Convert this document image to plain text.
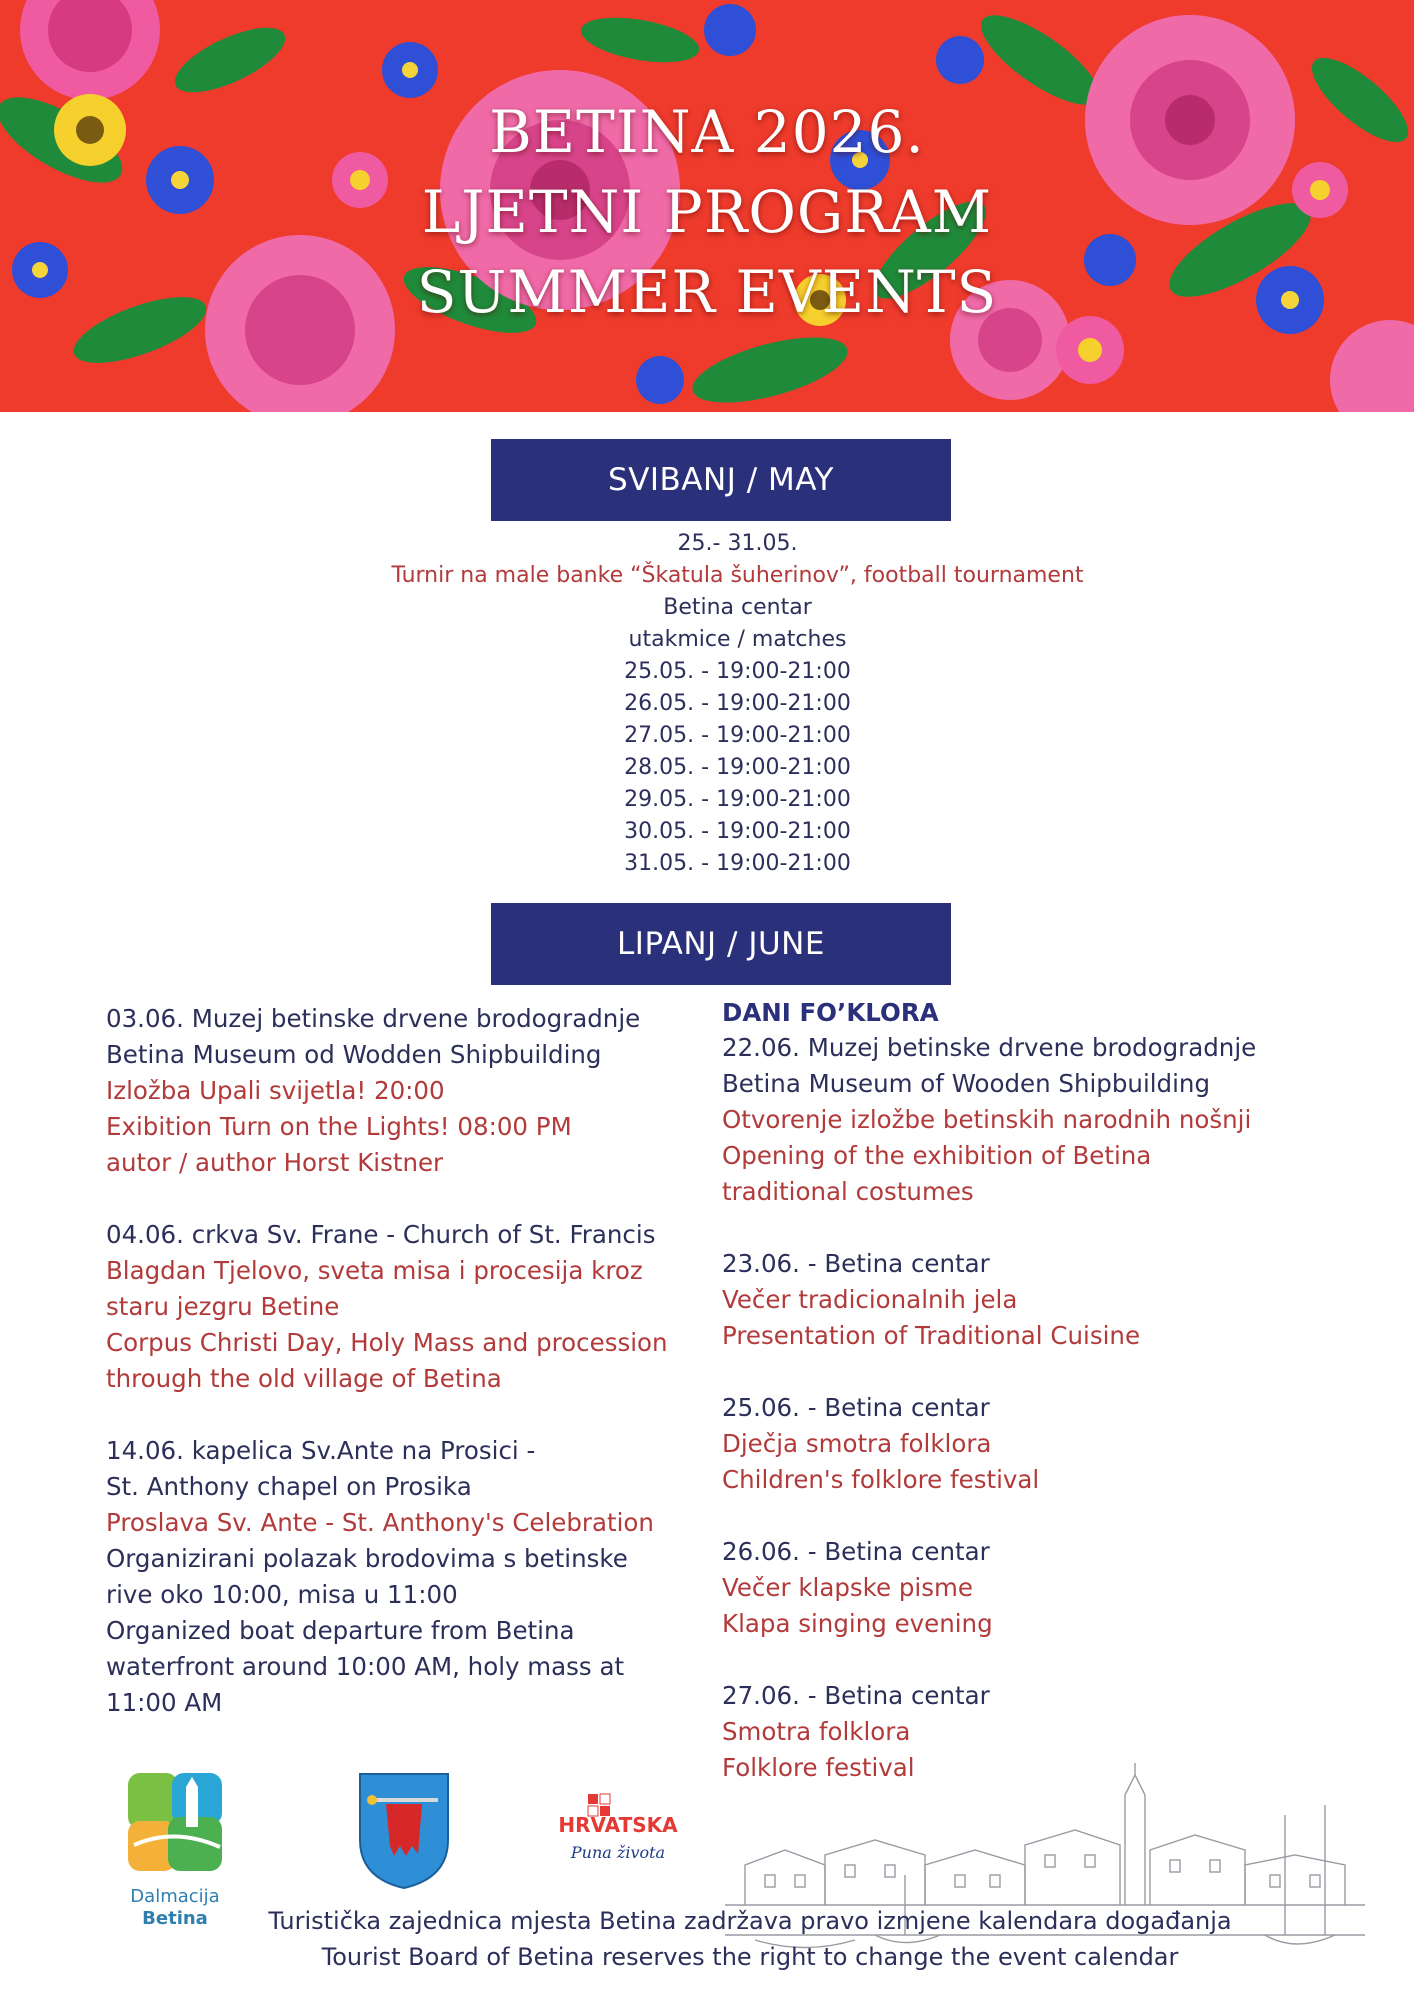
BETINA 2026.
LJETNI PROGRAM
SUMMER EVENTS
SVIBANJ / MAY
25.- 31.05.
Turnir na male banke “Škatula šuherinov”, football tournament
Betina centar
utakmice / matches
25.05. - 19:00-21:00
26.05. - 19:00-21:00
27.05. - 19:00-21:00
28.05. - 19:00-21:00
29.05. - 19:00-21:00
30.05. - 19:00-21:00
31.05. - 19:00-21:00
LIPANJ / JUNE
03.06. Muzej betinske drvene brodogradnje
Betina Museum od Wodden Shipbuilding
Izložba Upali svijetla! 20:00
Exibition Turn on the Lights! 08:00 PM
autor / author Horst Kistner
04.06. crkva Sv. Frane - Church of St. Francis
Blagdan Tjelovo, sveta misa i procesija kroz
staru jezgru Betine
Corpus Christi Day, Holy Mass and procession
through the old village of Betina
14.06. kapelica Sv.Ante na Prosici -
St. Anthony chapel on Prosika
Proslava Sv. Ante - St. Anthony's Celebration
Organizirani polazak brodovima s betinske
rive oko 10:00, misa u 11:00
Organized boat departure from Betina
waterfront around 10:00 AM, holy mass at
11:00 AM
DANI FO’KLORA
22.06. Muzej betinske drvene brodogradnje
Betina Museum of Wooden Shipbuilding
Otvorenje izložbe betinskih narodnih nošnji
Opening of the exhibition of Betina
traditional costumes
23.06. - Betina centar
Večer tradicionalnih jela
Presentation of Traditional Cuisine
25.06. - Betina centar
Dječja smotra folklora
Children's folklore festival
26.06. - Betina centar
Večer klapske pisme
Klapa singing evening
27.06. - Betina centar
Smotra folklora
Folklore festival
Dalmacija
Betina
HRVATSKA
Puna života
Turistička zajednica mjesta Betina zadržava pravo izmjene kalendara događanja
Tourist Board of Betina reserves the right to change the event calendar
